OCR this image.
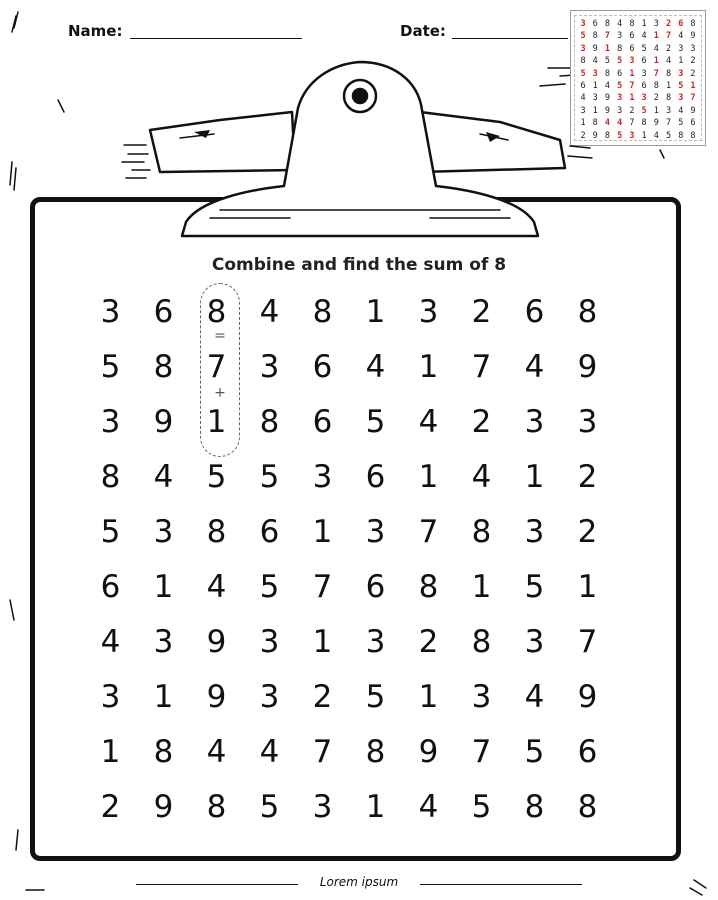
Name:	Date:	3 6 8 4 8 1 3 2 6 8
5 8 7 3 6 4 1 7 4 9
3 9 1 8 6 5 4 2 3 3
8 4 5 5 3 6 1 4 1 2
5 3 8 6 1 3 7 8 3 2
6 1 4 5 7 6 8 1 5 1
4 3 9 3 1 3 2 8 3 7
3 1 9 3 2 5 1 3 4 9
1 8 4 4 7 8 9 7 5 6
2 9 8 5 3 1 4 5 8 8
Combine and find the sum of 8
=
+
3	6	8	4	8	1	3	2	6	8
5	8	7	3	6	4	1	7	4	9
3	9	1	8	6	5	4	2	3	3
8	4	5	5	3	6	1	4	1	2
5	3	8	6	1	3	7	8	3	2
6	1	4	5	7	6	8	1	5	1
4	3	9	3	1	3	2	8	3	7
3	1	9	3	2	5	1	3	4	9
1	8	4	4	7	8	9	7	5	6
2	9	8	5	3	1	4	5	8	8
Lorem ipsum
